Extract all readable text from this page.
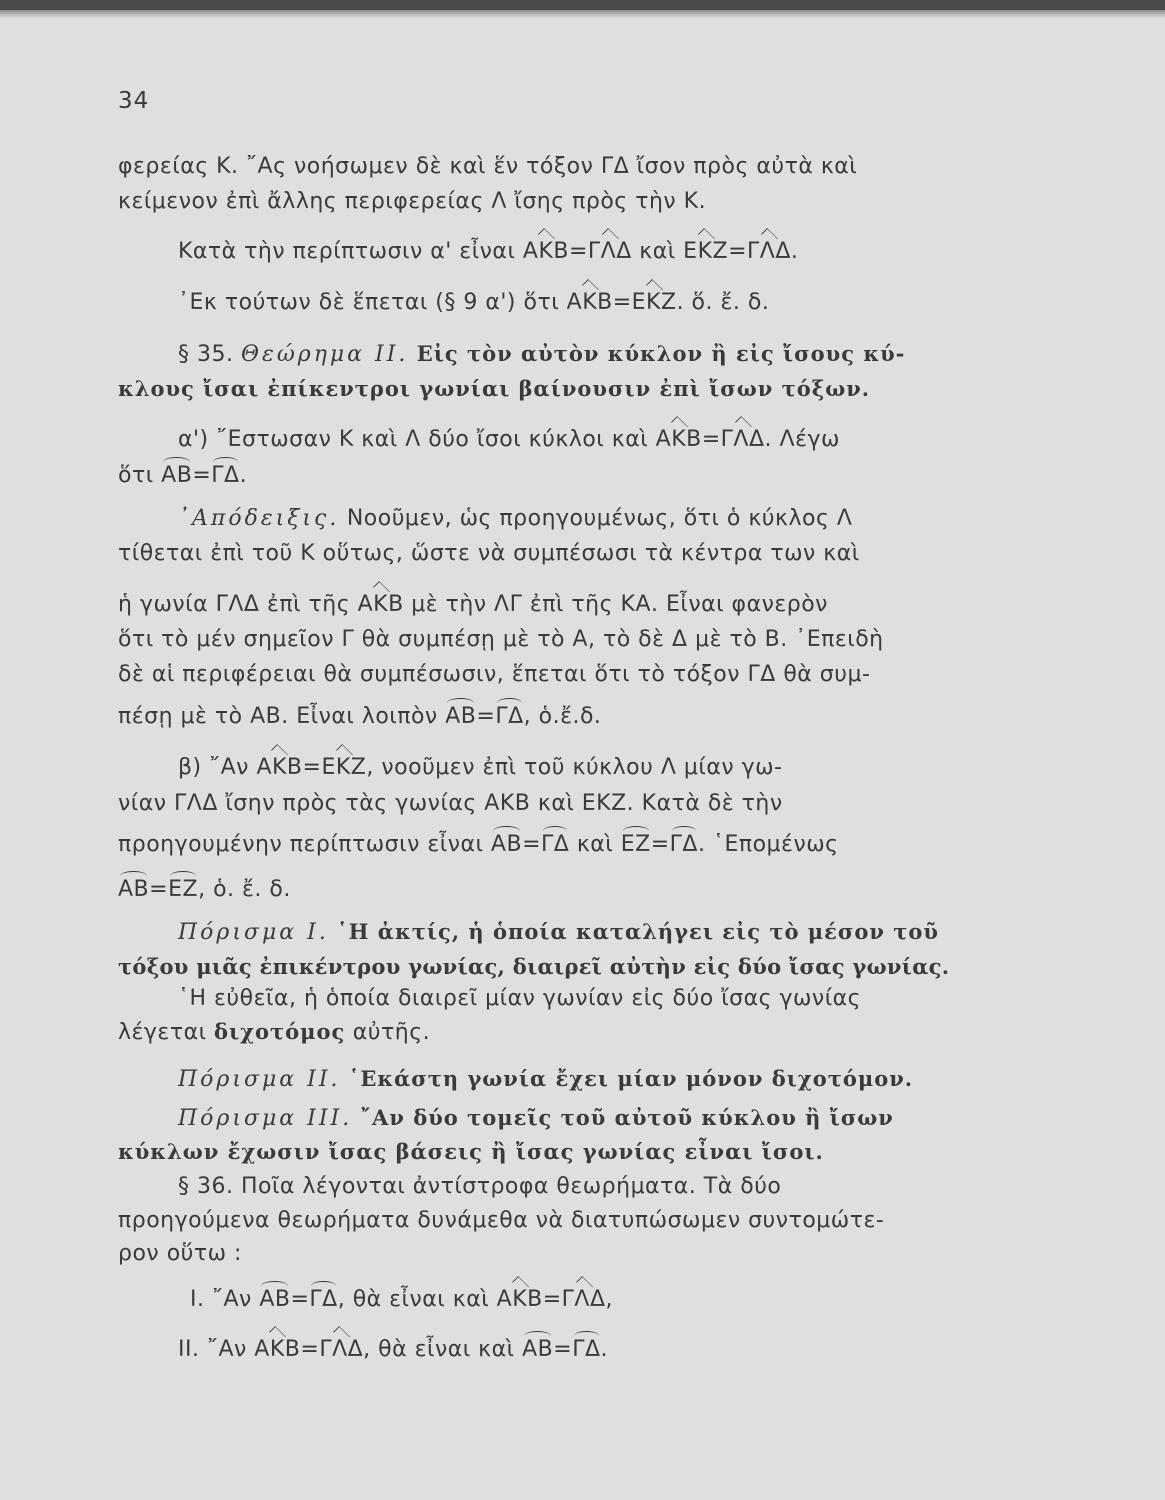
34
φερείας Κ. ῎Ας νοήσωμεν δὲ καὶ ἕν τόξον ΓΔ ἴσον πρὸς αὐτὰ καὶ
κείμενον ἐπὶ ἄλλης περιφερείας Λ ἴσης πρὸς τὴν Κ.
Κατὰ τὴν περίπτωσιν α' εἶναι ΑΚΒ=ΓΛΔ καὶ ΕΚΖ=ΓΛΔ.
᾿Εκ τούτων δὲ ἕπεται (§ 9 α') ὅτι ΑΚΒ=ΕΚΖ. ὅ. ἔ. δ.
§ 35. Θεώρημα ΙΙ. Εἰς τὸν αὐτὸν κύκλον ἢ εἰς ἴσους κύ-
κλους ἴσαι ἐπίκεντροι γωνίαι βαίνουσιν ἐπὶ ἴσων τόξων.
α') ῎Εστωσαν Κ καὶ Λ δύο ἴσοι κύκλοι καὶ ΑΚΒ=ΓΛΔ. Λέγω
ὅτι ΑΒ=ΓΔ.
᾿Απόδειξις. Νοοῦμεν, ὡς προηγουμένως, ὅτι ὁ κύκλος Λ
τίθεται ἐπὶ τοῦ Κ οὕτως, ὥστε νὰ συμπέσωσι τὰ κέντρα των καὶ
ἡ γωνία ΓΛΔ ἐπὶ τῆς ΑΚΒ μὲ τὴν ΛΓ ἐπὶ τῆς ΚΑ. Εἶναι φανερὸν
ὅτι τὸ μέν σημεῖον Γ θὰ συμπέσῃ μὲ τὸ Α, τὸ δὲ Δ μὲ τὸ Β. ᾿Επειδὴ
δὲ αἱ περιφέρειαι θὰ συμπέσωσιν, ἕπεται ὅτι τὸ τόξον ΓΔ θὰ συμ-
πέσῃ μὲ τὸ ΑΒ. Εἶναι λοιπὸν ΑΒ=ΓΔ, ὁ.ἔ.δ.
β) ῎Αν ΑΚΒ=ΕΚΖ, νοοῦμεν ἐπὶ τοῦ κύκλου Λ μίαν γω-
νίαν ΓΛΔ ἴσην πρὸς τὰς γωνίας ΑΚΒ καὶ ΕΚΖ. Κατὰ δὲ τὴν
προηγουμένην περίπτωσιν εἶναι ΑΒ=ΓΔ καὶ ΕΖ=ΓΔ. ῾Επομένως
ΑΒ=ΕΖ, ὁ. ἔ. δ.
Πόρισμα Ι. ῾Η ἀκτίς, ἡ ὁποία καταλήγει εἰς τὸ μέσον τοῦ
τόξου μιᾶς ἐπικέντρου γωνίας, διαιρεῖ αὐτὴν εἰς δύο ἴσας γωνίας.
῾Η εὐθεῖα, ἡ ὁποία διαιρεῖ μίαν γωνίαν εἰς δύο ἴσας γωνίας
λέγεται διχοτόμος αὐτῆς.
Πόρισμα ΙΙ. ῾Εκάστη γωνία ἔχει μίαν μόνον διχοτόμον.
Πόρισμα ΙΙΙ. ῎Αν δύο τομεῖς τοῦ αὐτοῦ κύκλου ἢ ἴσων
κύκλων ἔχωσιν ἴσας βάσεις ἢ ἴσας γωνίας εἶναι ἴσοι.
§ 36. Ποῖα λέγονται ἀντίστροφα θεωρήματα. Τὰ δύο
προηγούμενα θεωρήματα δυνάμεθα νὰ διατυπώσωμεν συντομώτε-
ρον οὕτω :
Ι. ῎Αν ΑΒ=ΓΔ, θὰ εἶναι καὶ ΑΚΒ=ΓΛΔ,
ΙΙ. ῎Αν ΑΚΒ=ΓΛΔ, θὰ εἶναι καὶ ΑΒ=ΓΔ.
